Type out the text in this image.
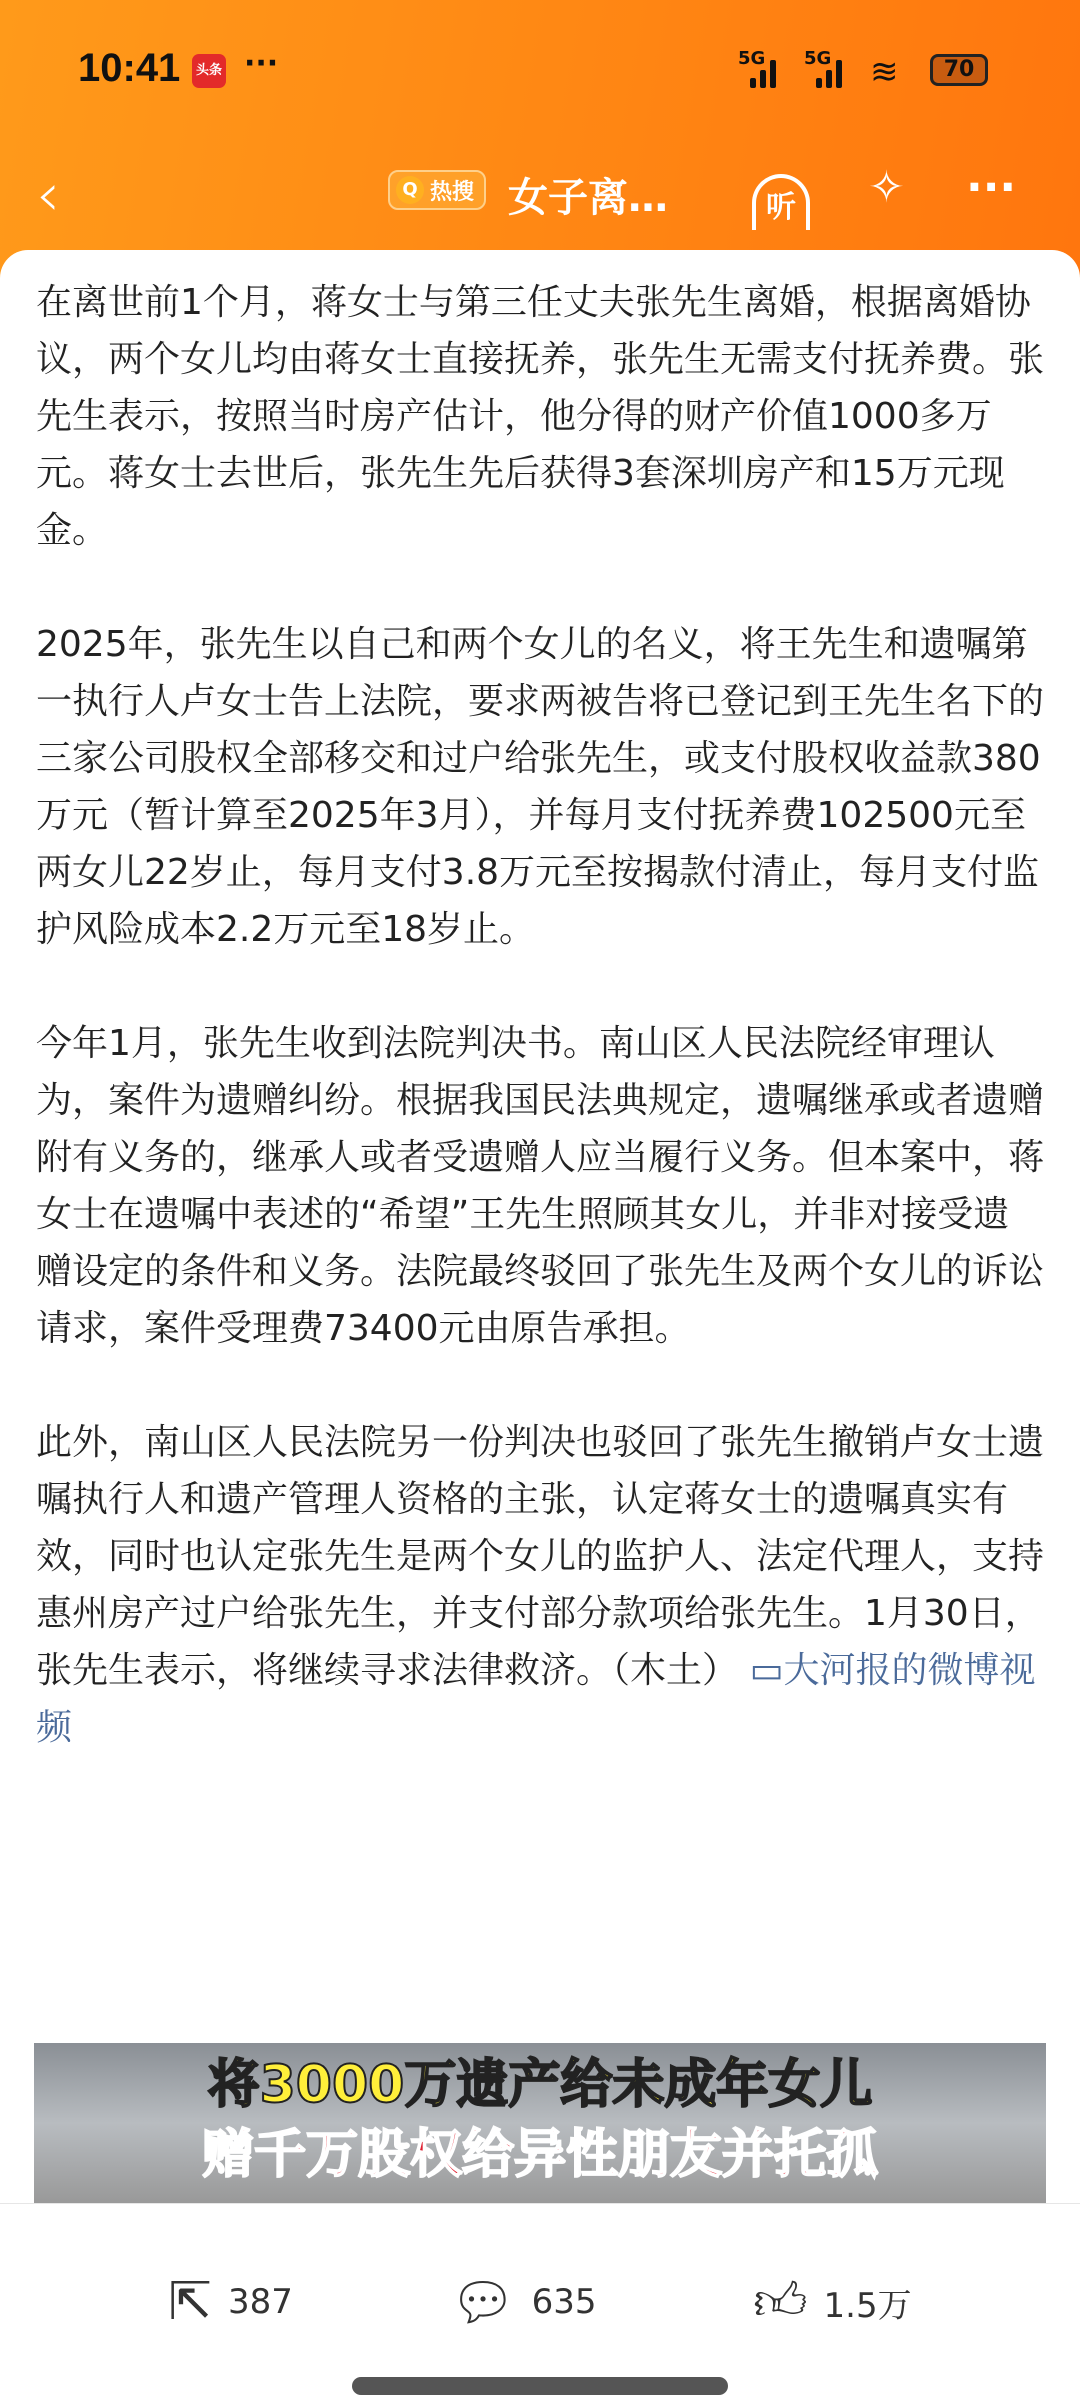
10:41	头条 ···	5G 5G ≋	70
‹	Q 热搜 女子离…	听	✧ ···

在离世前1个月，蒋女士与第三任丈夫张先生离婚，根据离婚协议，两个女儿均由蒋女士直接抚养，张先生无需支付抚养费。张先生表示，按照当时房产估计，他分得的财产价值1000多万元。蒋女士去世后，张先生先后获得3套深圳房产和15万元现金。

2025年，张先生以自己和两个女儿的名义，将王先生和遗嘱第一执行人卢女士告上法院，要求两被告将已登记到王先生名下的三家公司股权全部移交和过户给张先生，或支付股权收益款380万元（暂计算至2025年3月），并每月支付抚养费102500元至两女儿22岁止，每月支付3.8万元至按揭款付清止，每月支付监护风险成本2.2万元至18岁止。

今年1月，张先生收到法院判决书。南山区人民法院经审理认为，案件为遗赠纠纷。根据我国民法典规定，遗嘱继承或者遗赠附有义务的，继承人或者受遗赠人应当履行义务。但本案中，蒋女士在遗嘱中表述的“希望”王先生照顾其女儿，并非对接受遗赠设定的条件和义务。法院最终驳回了张先生及两个女儿的诉讼请求，案件受理费73400元由原告承担。

此外，南山区人民法院另一份判决也驳回了张先生撤销卢女士遗嘱执行人和遗产管理人资格的主张，认定蒋女士的遗嘱真实有效，同时也认定张先生是两个女儿的监护人、法定代理人，支持惠州房产过户给张先生，并支付部分款项给张先生。1月30日，张先生表示，将继续寻求法律救济。（木土） ▭大河报的微博视频

将3000万遗产给未成年女儿
赠千万股权给异性朋友并托孤
⇱ 387	💬︎ 635	👍︎ 1.5万
